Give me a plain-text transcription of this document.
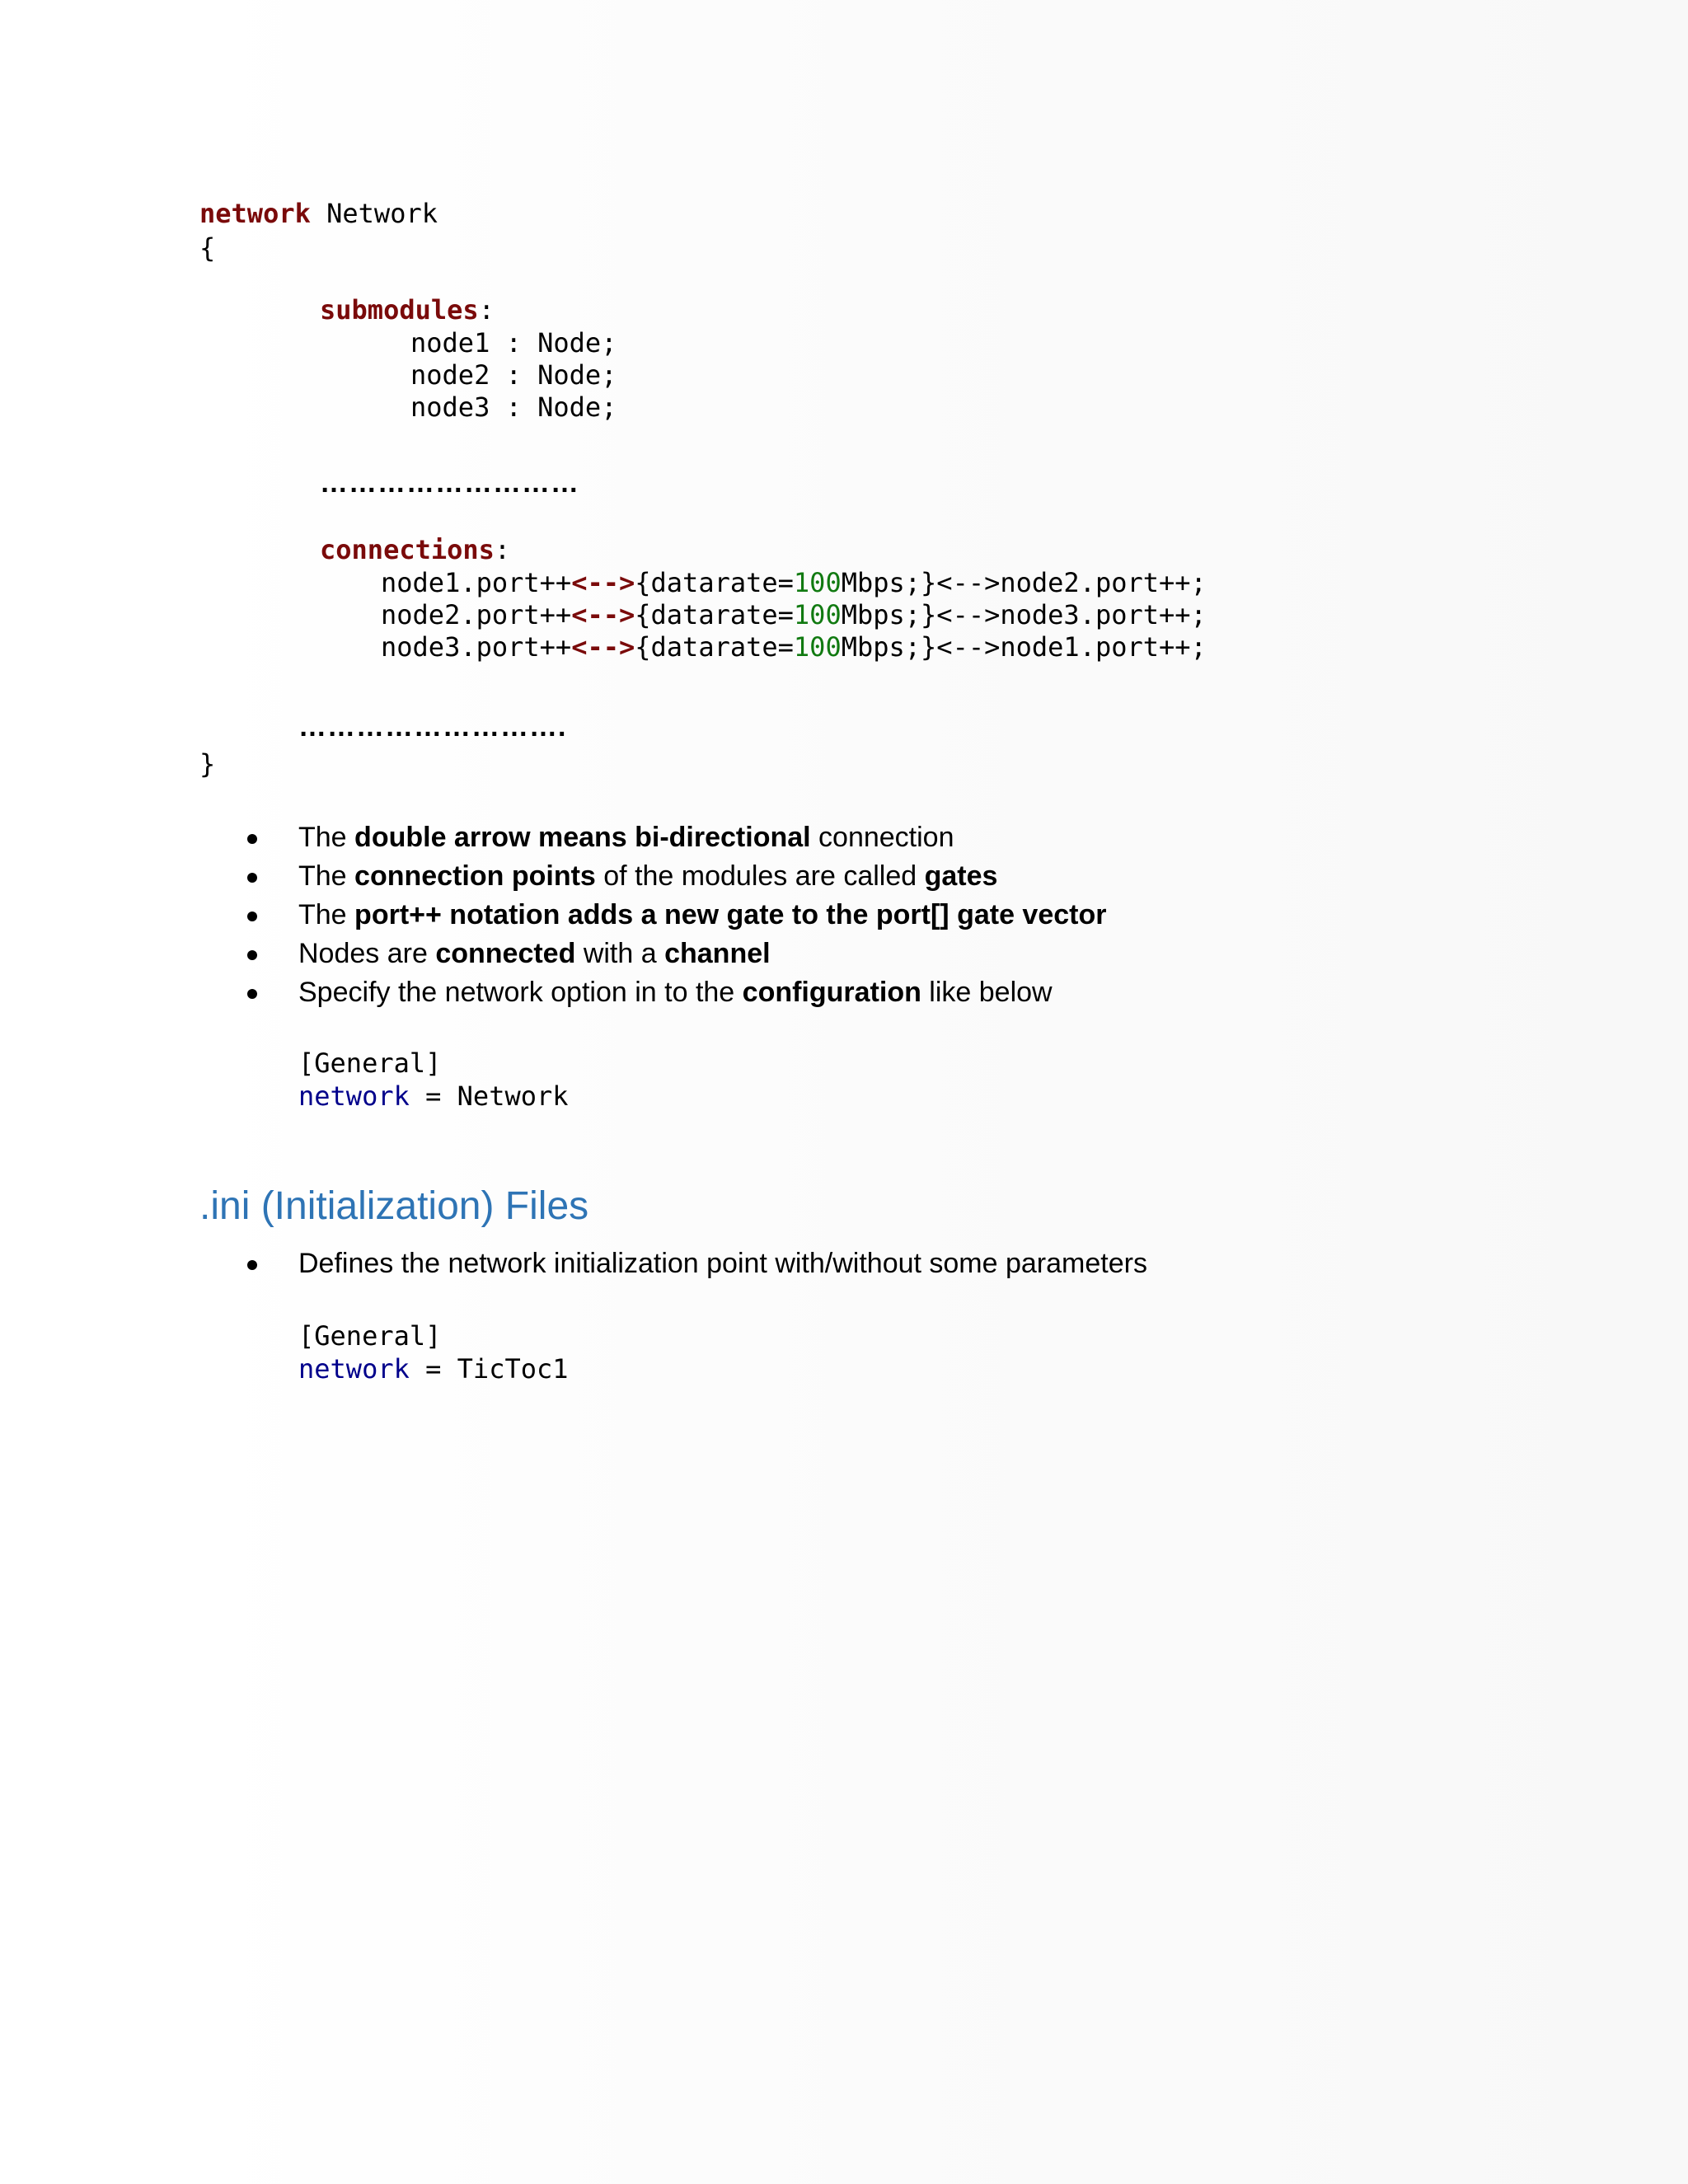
network Network
{
submodules:
node1 : Node;
node2 : Node;
node3 : Node;
………………………
connections:
node1.port++<-->{datarate=100Mbps;}<-->node2.port++;
node2.port++<-->{datarate=100Mbps;}<-->node3.port++;
node3.port++<-->{datarate=100Mbps;}<-->node1.port++;
……………………….
}
The double arrow means bi-directional connection
The connection points of the modules are called gates
The port++ notation adds a new gate to the port[] gate vector
Nodes are connected with a channel
Specify the network option in to the configuration like below
[General]
network = Network
.ini (Initialization) Files
Defines the network initialization point with/without some parameters
[General]
network = TicToc1
